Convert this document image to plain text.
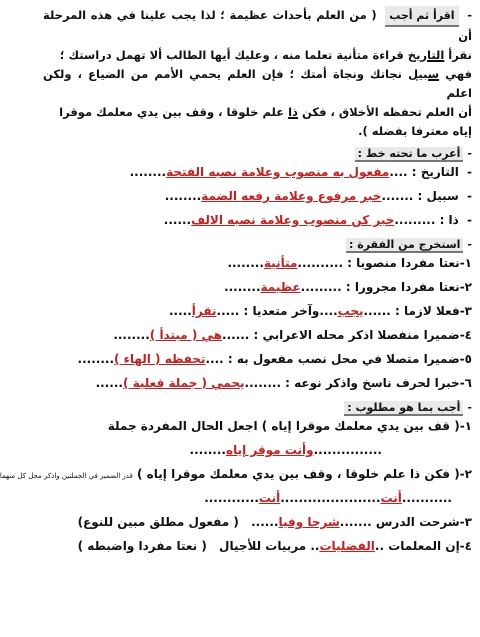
- اقرأ ثم أجب ( من العلم بأحداث عظيمة ؛ لذا يجب علينا في هذه المرحلة أن
نقرأ التاريخ قراءة متأنية تعلما منه ، وعليك أيها الطالب ألا تهمل دراستك ؛
فهي سبيل نجاتك ونجاة أمتك ؛ فإن العلم يحمي الأمم من الضياع ، ولكن اعلم
أن العلم تحفظه الأخلاق ، فكن ذا علم خلوقا ، وقف بين يدي معلمك موقرا
إياه معترفا بفضله ).
-أعرب ما تحته خط :
- التاريخ : ....مفعول به منصوب وعلامة نصبه الفتحة........
- سبيل : .......خبر مرفوع وعلامة رفعه الضمة........
- ذا : .........خبر كن منصوب وعلامة نصبه الالف......
-استخرج من الفقرة :
١-نعتا مفردا منصوبا : ..........متأنية........
٢-نعتا مفردا مجرورا : .........عظيمة........
٣-فعلا لازما : ......يجب....وآخر متعديا : .....نقرأ.....
٤-ضميرا منفصلا اذكر محله الاعرابي : ......هي ( مبتدأ )........
٥-ضميرا متصلا في محل نصب مفعول به : ....تحفظه ( الهاء )........
٦-خبرا لحرف ناسخ واذكر نوعه : ........يحمي ( جملة فعلية )......
-أجب بما هو مطلوب :
١-( قف بين يدي معلمك موقرا إياه ) اجعل الحال المفردة جملة
...............وأنت موقر إياه........
٢-( فكن ذا علم خلوقا ، وقف بين يدي معلمك موقرا إياه ) قدر الضمير في الجملتين واذكر محل كل منهما
...........أنت......................أنت............
٣-شرحت الدرس .......شرحا وفيا...... ( مفعول مطلق مبين للنوع)
٤-إن المعلمات ..الفضليات.. مربيات للأجيال ( نعتا مفردا واضبطه )
